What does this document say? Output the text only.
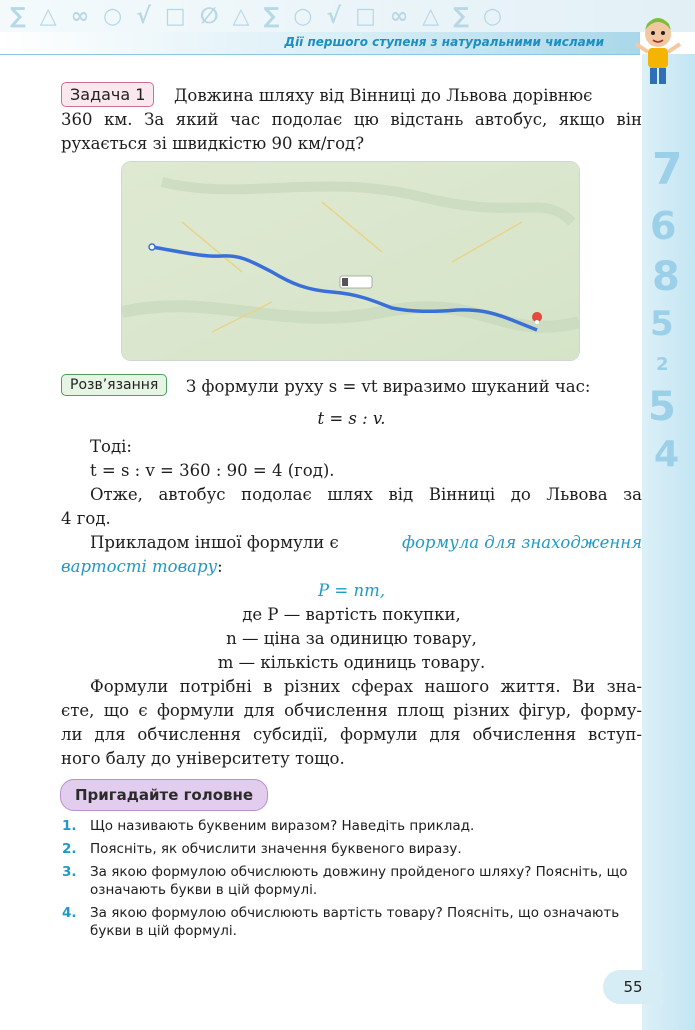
∑△∞○√□∅△∑○√□∞△∑○
Дії першого ступеня з натуральними числами
7
6
8
5
2
5
4
Задача 1	Довжина шляху від Вінниці до Львова дорівнює
360 км. За який час подолає цю відстань автобус, якщо він
рухається зі швидкістю 90 км/год?
Розв’язання	З формули руху s = vt виразимо шуканий час:
t = s : v.
Тоді:
t = s : v = 360 : 90 = 4 (год).
Отже, автобус подолає шлях від Вінниці до Львова за
4 год.
Прикладом іншої формули є	формула для знаходження
вартості товару:
P = nm,
де P — вартість покупки,
n — ціна за одиницю товару,
m — кількість одиниць товару.
Формули потрібні в різних сферах нашого життя. Ви зна-
єте, що є формули для обчислення площ різних фігур, форму-
ли для обчислення субсидії, формули для обчислення вступ-
ного балу до університету тощо.
Пригадайте головне
1. Що називають буквеним виразом? Наведіть приклад.
2. Поясніть, як обчислити значення буквеного виразу.
3. За якою формулою обчислюють довжину пройденого шляху? Поясніть, що означають букви в цій формулі.
4. За якою формулою обчислюють вартість товару? Поясніть, що означають букви в цій формулі.
55
